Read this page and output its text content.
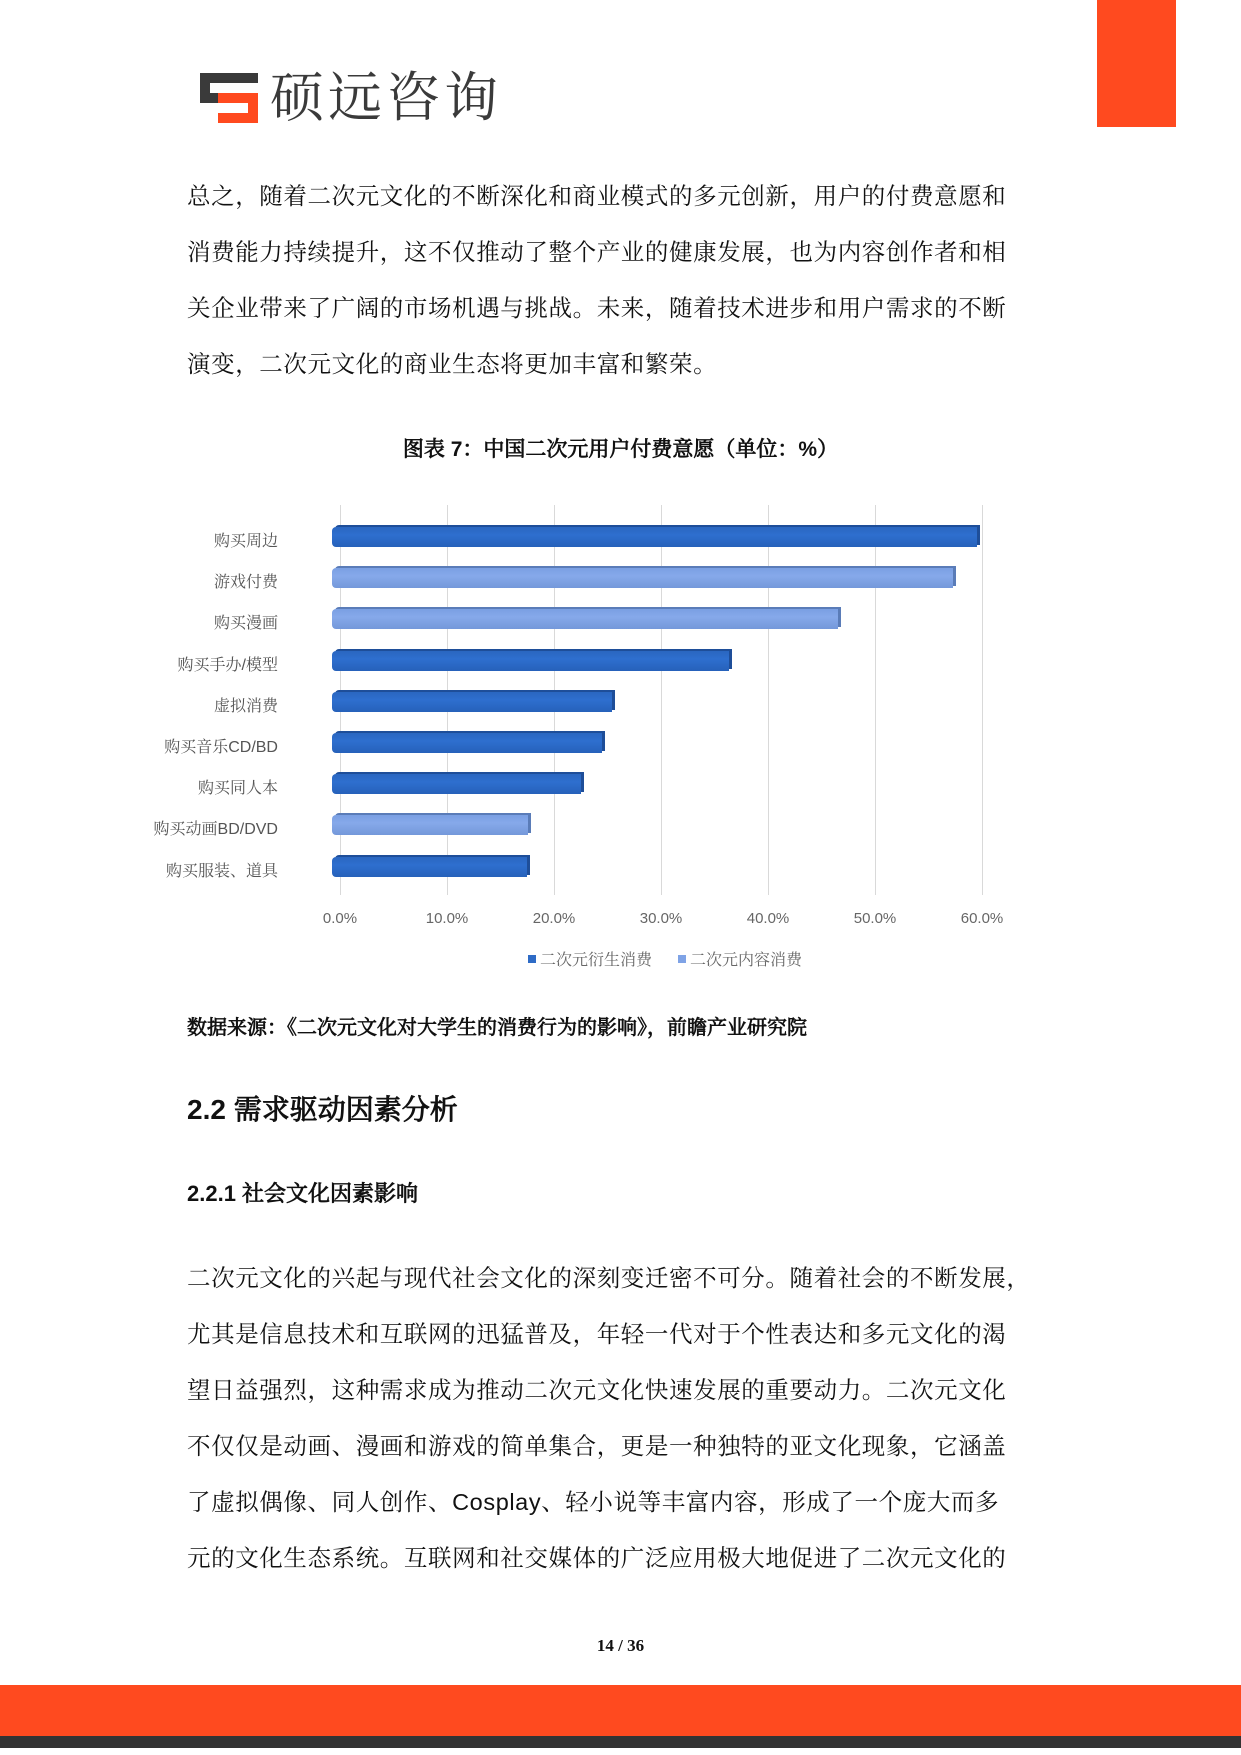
硕远咨询
总之，随着二次元文化的不断深化和商业模式的多元创新，用户的付费意愿和
消费能力持续提升，这不仅推动了整个产业的健康发展，也为内容创作者和相
关企业带来了广阔的市场机遇与挑战。未来，随着技术进步和用户需求的不断
演变，二次元文化的商业生态将更加丰富和繁荣。
图表 7：中国二次元用户付费意愿（单位：%）
0.0%	10.0%	20.0%	30.0%	40.0%	50.0%	60.0%
购买周边
游戏付费
购买漫画
购买手办/模型
虚拟消费
购买音乐CD/BD
购买同人本
购买动画BD/DVD
购买服装、道具
二次元衍生消费 二次元内容消费
数据来源：《二次元文化对大学生的消费行为的影响》，前瞻产业研究院
2.2 需求驱动因素分析
2.2.1 社会文化因素影响
二次元文化的兴起与现代社会文化的深刻变迁密不可分。随着社会的不断发展，
尤其是信息技术和互联网的迅猛普及，年轻一代对于个性表达和多元文化的渴
望日益强烈，这种需求成为推动二次元文化快速发展的重要动力。二次元文化
不仅仅是动画、漫画和游戏的简单集合，更是一种独特的亚文化现象，它涵盖
了虚拟偶像、同人创作、Cosplay、轻小说等丰富内容，形成了一个庞大而多
元的文化生态系统。互联网和社交媒体的广泛应用极大地促进了二次元文化的
14 / 36
